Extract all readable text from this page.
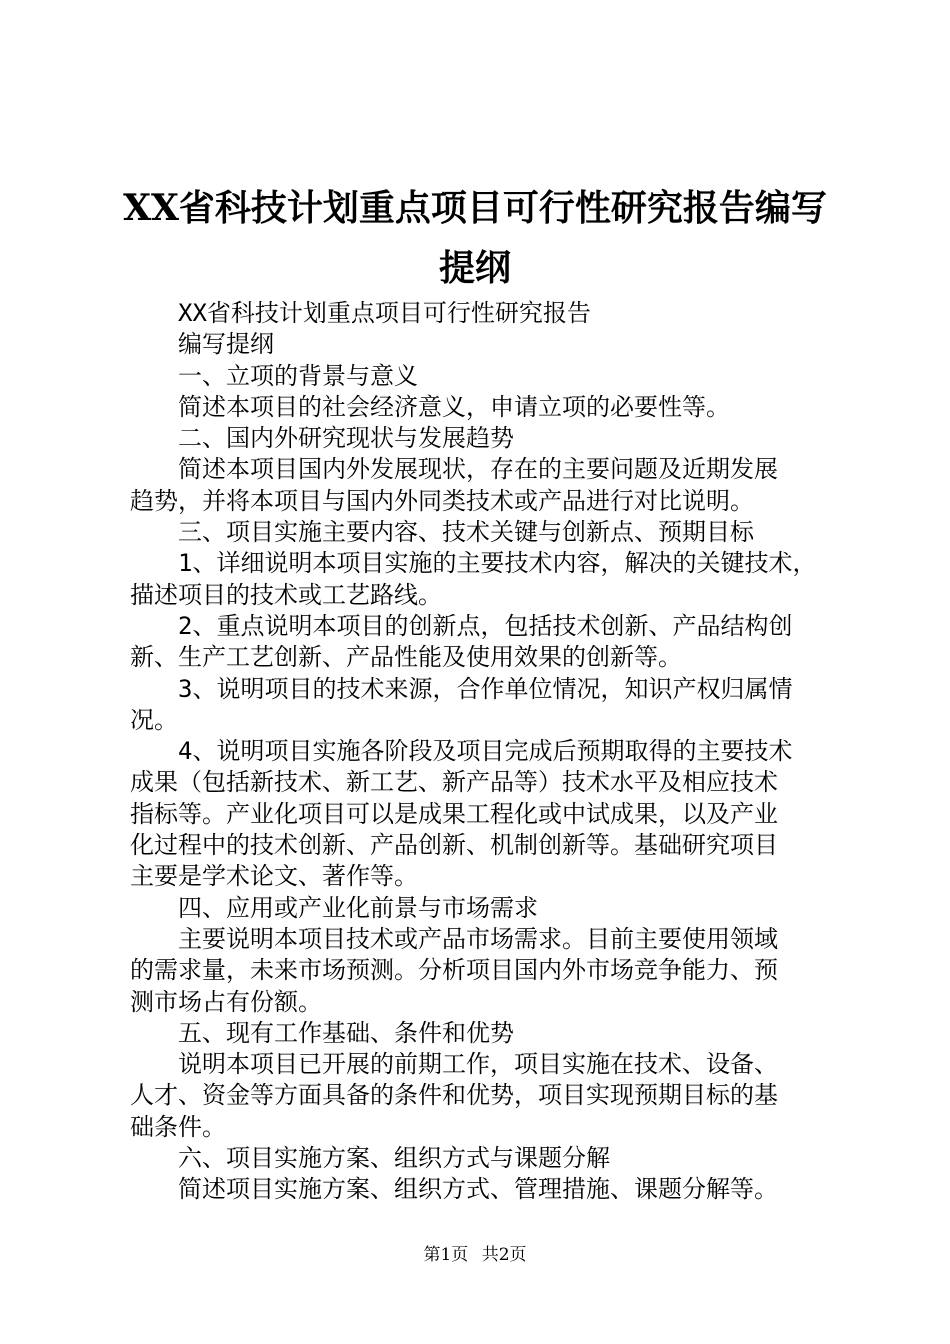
XX省科技计划重点项目可行性研究报告编写
提纲
XX省科技计划重点项目可行性研究报告
编写提纲
一、立项的背景与意义
简述本项目的社会经济意义，申请立项的必要性等。
二、国内外研究现状与发展趋势
简述本项目国内外发展现状，存在的主要问题及近期发展
趋势，并将本项目与国内外同类技术或产品进行对比说明。
三、项目实施主要内容、技术关键与创新点、预期目标
1、详细说明本项目实施的主要技术内容，解决的关键技术，
描述项目的技术或工艺路线。
2、重点说明本项目的创新点，包括技术创新、产品结构创
新、生产工艺创新、产品性能及使用效果的创新等。
3、说明项目的技术来源，合作单位情况，知识产权归属情
况。
4、说明项目实施各阶段及项目完成后预期取得的主要技术
成果（包括新技术、新工艺、新产品等）技术水平及相应技术
指标等。产业化项目可以是成果工程化或中试成果，以及产业
化过程中的技术创新、产品创新、机制创新等。基础研究项目
主要是学术论文、著作等。
四、应用或产业化前景与市场需求
主要说明本项目技术或产品市场需求。目前主要使用领域
的需求量，未来市场预测。分析项目国内外市场竞争能力、预
测市场占有份额。
五、现有工作基础、条件和优势
说明本项目已开展的前期工作，项目实施在技术、设备、
人才、资金等方面具备的条件和优势，项目实现预期目标的基
础条件。
六、项目实施方案、组织方式与课题分解
简述项目实施方案、组织方式、管理措施、课题分解等。
第1页 共2页
